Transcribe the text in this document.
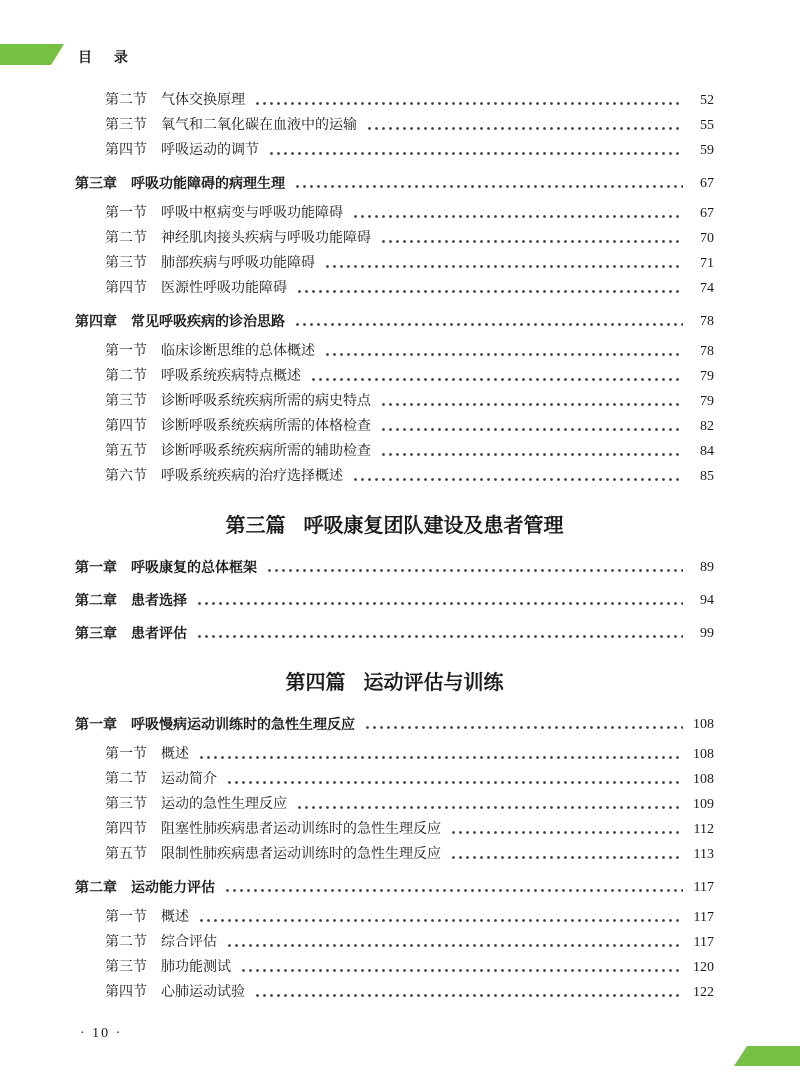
目 录
第二节 气体交换原理	52
第三节 氧气和二氧化碳在血液中的运输	55
第四节 呼吸运动的调节	59
第三章 呼吸功能障碍的病理生理	67
第一节 呼吸中枢病变与呼吸功能障碍	67
第二节 神经肌肉接头疾病与呼吸功能障碍	70
第三节 肺部疾病与呼吸功能障碍	71
第四节 医源性呼吸功能障碍	74
第四章 常见呼吸疾病的诊治思路	78
第一节 临床诊断思维的总体概述	78
第二节 呼吸系统疾病特点概述	79
第三节 诊断呼吸系统疾病所需的病史特点	79
第四节 诊断呼吸系统疾病所需的体格检查	82
第五节 诊断呼吸系统疾病所需的辅助检查	84
第六节 呼吸系统疾病的治疗选择概述	85
第三篇 呼吸康复团队建设及患者管理
第一章 呼吸康复的总体框架	89
第二章 患者选择	94
第三章 患者评估	99
第四篇 运动评估与训练
第一章 呼吸慢病运动训练时的急性生理反应	108
第一节 概述	108
第二节 运动简介	108
第三节 运动的急性生理反应	109
第四节 阻塞性肺疾病患者运动训练时的急性生理反应	112
第五节 限制性肺疾病患者运动训练时的急性生理反应	113
第二章 运动能力评估	117
第一节 概述	117
第二节 综合评估	117
第三节 肺功能测试	120
第四节 心肺运动试验	122
· 10 ·
